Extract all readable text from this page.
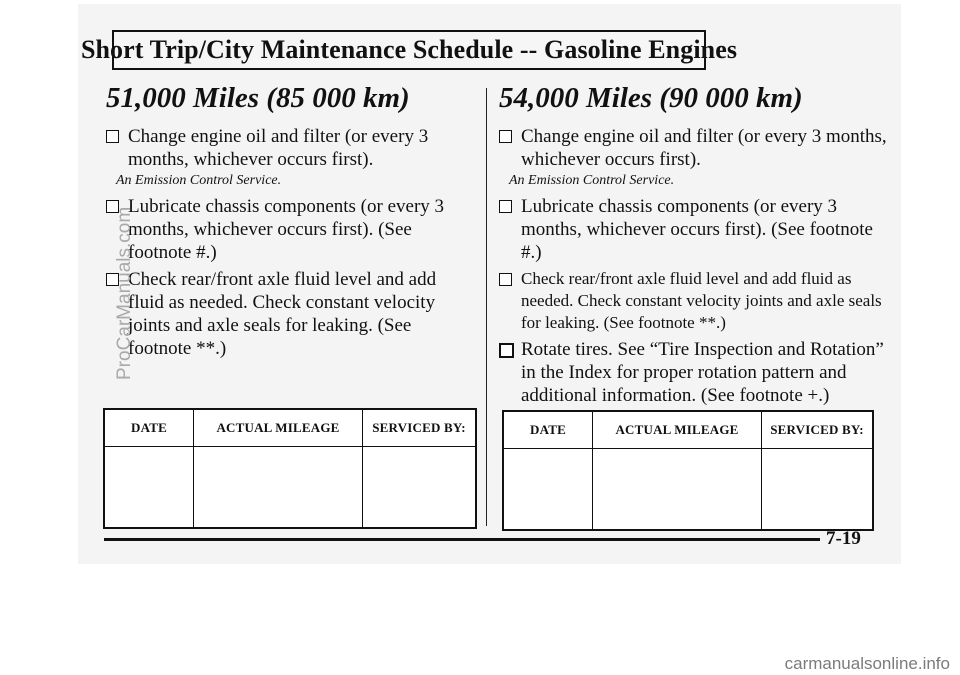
Short Trip/City Maintenance Schedule -- Gasoline Engines
51,000 Miles (85 000 km)
Change engine oil and filter (or every 3 months, whichever occurs first).
An Emission Control Service.
Lubricate chassis components (or every 3 months, whichever occurs first). (See footnote #.)
Check rear/front axle fluid level and add fluid as needed. Check constant velocity joints and axle seals for leaking. (See footnote **.)
DATE	ACTUAL MILEAGE	SERVICED BY:

54,000 Miles (90 000 km)
Change engine oil and filter (or every 3 months, whichever occurs first).
An Emission Control Service.
Lubricate chassis components (or every 3 months, whichever occurs first). (See footnote #.)
Check rear/front axle fluid level and add fluid as needed. Check constant velocity joints and axle seals for leaking. (See footnote **.)
Rotate tires. See “Tire Inspection and Rotation” in the Index for proper rotation pattern and additional information. (See footnote +.)
DATE	ACTUAL MILEAGE	SERVICED BY:

7-19
ProCarManuals.com
carmanualsonline.info
